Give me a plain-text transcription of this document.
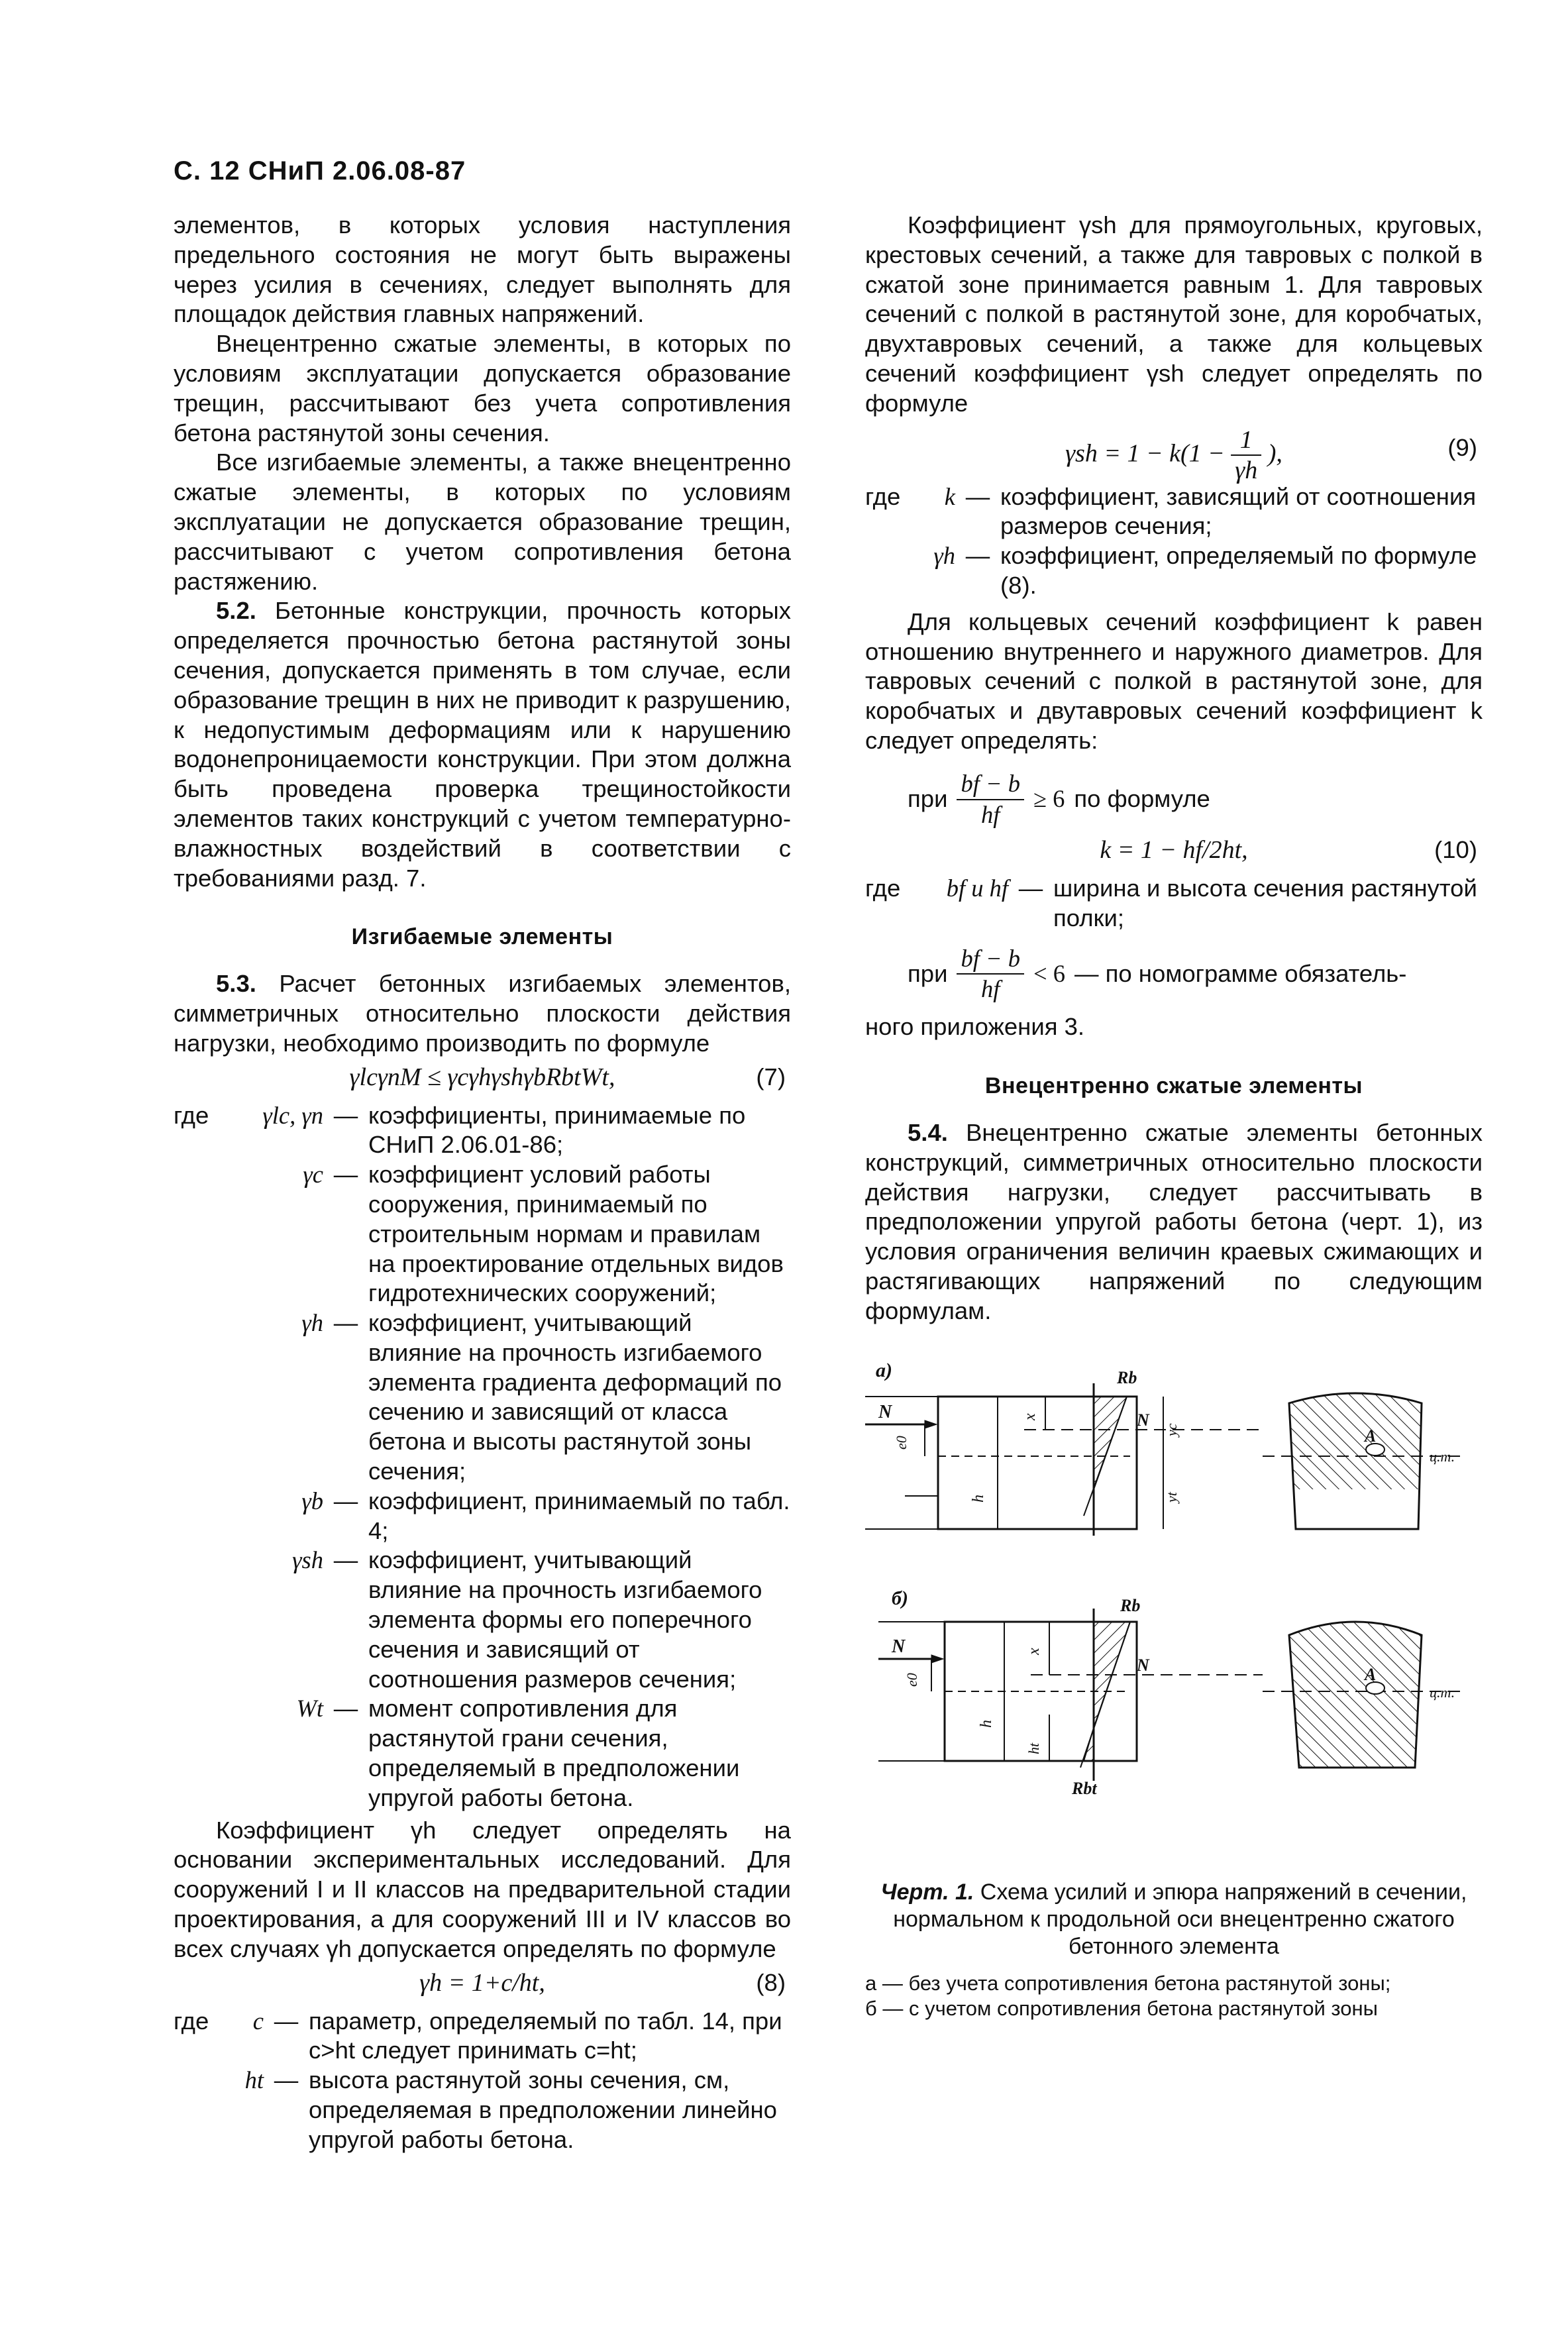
С. 12 СНиП 2.06.08-87

элементов, в которых условия наступления предельного состояния не могут быть выражены через усилия в сечениях, следует выполнять для площадок действия главных напряжений.

Внецентренно сжатые элементы, в которых по условиям эксплуатации допускается образование трещин, рассчитывают без учета сопротивления бетона растянутой зоны сечения.

Все изгибаемые элементы, а также внецентренно сжатые элементы, в которых по условиям эксплуатации не допускается образование трещин, рассчитывают с учетом сопротивления бетона растяжению.

5.2. Бетонные конструкции, прочность которых определяется прочностью бетона растянутой зоны сечения, допускается применять в том случае, если образование трещин в них не приводит к разрушению, к недопустимым деформациям или к нарушению водонепроницаемости конструкции. При этом должна быть проведена проверка трещиностойкости элементов таких конструкций с учетом температурно-влажностных воздействий в соответствии с требованиями разд. 7.

Изгибаемые элементы

5.3. Расчет бетонных изгибаемых элементов, симметричных относительно плоскости действия нагрузки, необходимо производить по формуле

γlcγnM ≤ γcγhγshγbRbtWt,	(7)
где	γlc, γn — коэффициенты, принимаемые по СНиП 2.06.01-86;
γc — коэффициент условий работы сооружения, принимаемый по строительным нормам и правилам на проектирование отдельных видов гидротехнических сооружений;
γh — коэффициент, учитывающий влияние на прочность изгибаемого элемента градиента деформаций по сечению и зависящий от класса бетона и высоты растянутой зоны сечения;
γb — коэффициент, принимаемый по табл. 4;
γsh — коэффициент, учитывающий влияние на прочность изгибаемого элемента формы его поперечного сечения и зависящий от соотношения размеров сечения;
Wt — момент сопротивления для растянутой грани сечения, определяемый в предположении упругой работы бетона.

Коэффициент γh следует определять на основании экспериментальных исследований. Для сооружений I и II классов на предварительной стадии проектирования, а для сооружений III и IV классов во всех случаях γh допускается определять по формуле

γh = 1+c/ht,	(8)
где	c — параметр, определяемый по табл. 14, при c>ht следует принимать c=ht;
ht — высота растянутой зоны сечения, см, определяемая в предположении линейно упругой работы бетона.

Коэффициент γsh для прямоугольных, круговых, крестовых сечений, а также для тавровых с полкой в сжатой зоне принимается равным 1. Для тавровых сечений с полкой в растянутой зоне, для коробчатых, двухтавровых сечений, а также для кольцевых сечений коэффициент γsh следует определять по формуле

$\gamma sh = 1 - k(1 - \frac{1}{\gamma h}$ ),	(9)
где	k — коэффициент, зависящий от соотношения размеров сечения;
γh — коэффициент, определяемый по формуле (8).

Для кольцевых сечений коэффициент k равен отношению внутреннего и наружного диаметров. Для тавровых сечений с полкой в растянутой зоне, для коробчатых и двутавровых сечений коэффициент k следует определять:

при $\frac{bf - b}{hf} \ge 6$ по формуле
k = 1 − hf/2ht,	(10)
где	bf и hf — ширина и высота сечения растянутой полки;
при $\frac{bf - b}{hf} < 6$ — по номограмме обязатель-

ного приложения 3.

Внецентренно сжатые элементы

5.4. Внецентренно сжатые элементы бетонных конструкций, симметричных относительно плоскости действия нагрузки, следует рассчитывать в предположении упругой работы бетона (черт. 1), из условия ограничения величин краевых сжимающих и растягивающих напряжений по следующим формулам.

а)
N
e0
h
x
Rb
N
yc
yt
A
ц.т.
б)
N
e0
h
x
ht
Rb
N
Rbt
A
ц.т.
Черт. 1. Схема усилий и эпюра напряжений в сечении, нормальном к продольной оси внецентренно сжатого бетонного элемента
а — без учета сопротивления бетона растянутой зоны;
б — с учетом сопротивления бетона растянутой зоны
